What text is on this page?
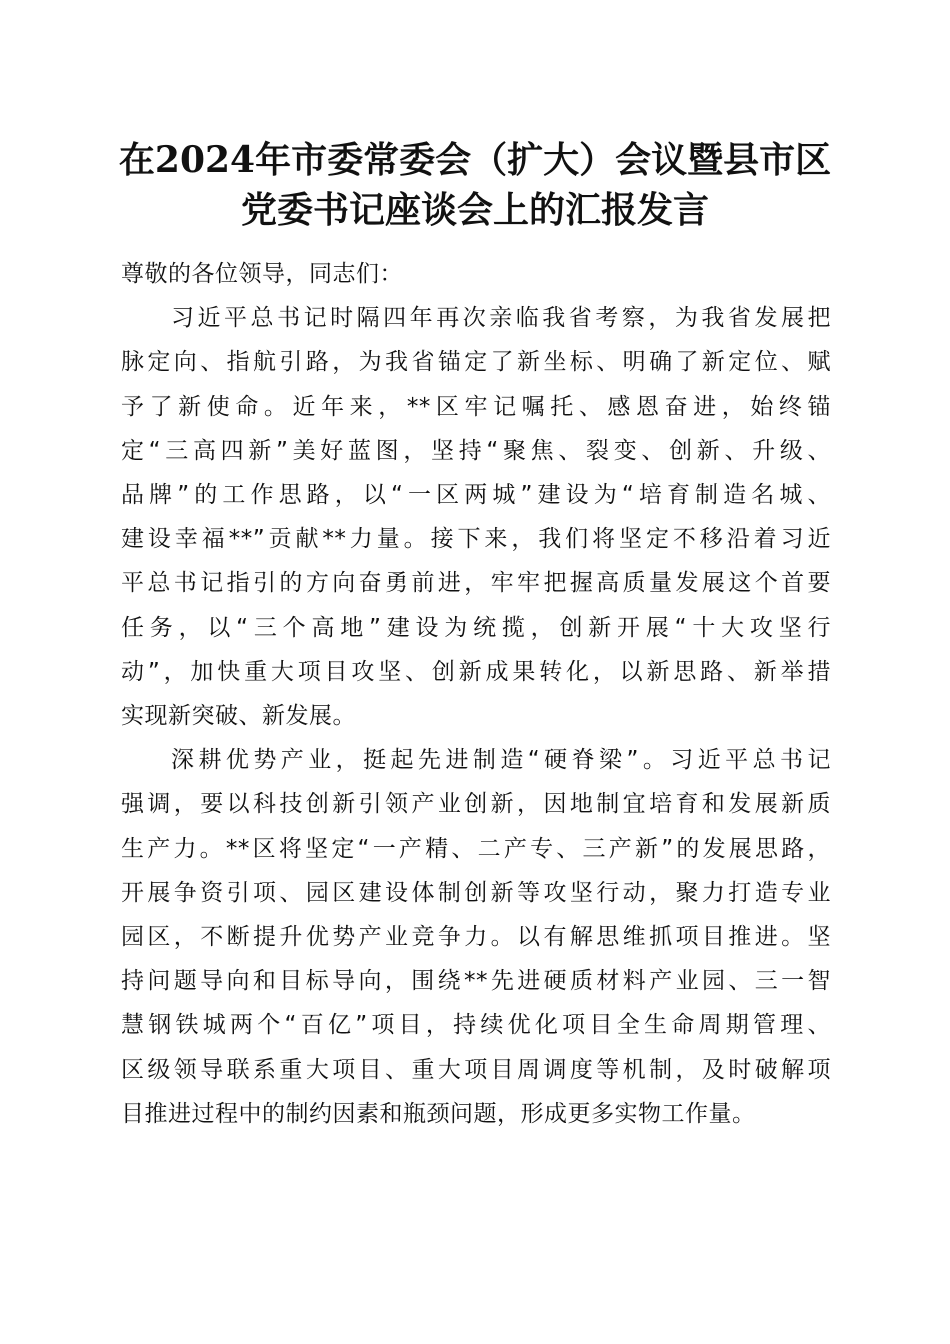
在2024年市委常委会（扩大）会议暨县市区
党委书记座谈会上的汇报发言

尊敬的各位领导，同志们：

习近平总书记时隔四年再次亲临我省考察，为我省发展把
脉定向、指航引路，为我省锚定了新坐标、明确了新定位、赋
予了新使命。近年来，**区牢记嘱托、感恩奋进，始终锚
定“三高四新”美好蓝图，坚持“聚焦、裂变、创新、升级、
品牌”的工作思路，以“一区两城”建设为“培育制造名城、
建设幸福**”贡献**力量。接下来，我们将坚定不移沿着习近
平总书记指引的方向奋勇前进，牢牢把握高质量发展这个首要
任务，以“三个高地”建设为统揽，创新开展“十大攻坚行
动”，加快重大项目攻坚、创新成果转化，以新思路、新举措
实现新突破、新发展。

深耕优势产业，挺起先进制造“硬脊梁”。习近平总书记
强调，要以科技创新引领产业创新，因地制宜培育和发展新质
生产力。**区将坚定“一产精、二产专、三产新”的发展思路，
开展争资引项、园区建设体制创新等攻坚行动，聚力打造专业
园区，不断提升优势产业竞争力。以有解思维抓项目推进。坚
持问题导向和目标导向，围绕**先进硬质材料产业园、三一智
慧钢铁城两个“百亿”项目，持续优化项目全生命周期管理、
区级领导联系重大项目、重大项目周调度等机制，及时破解项
目推进过程中的制约因素和瓶颈问题，形成更多实物工作量。
